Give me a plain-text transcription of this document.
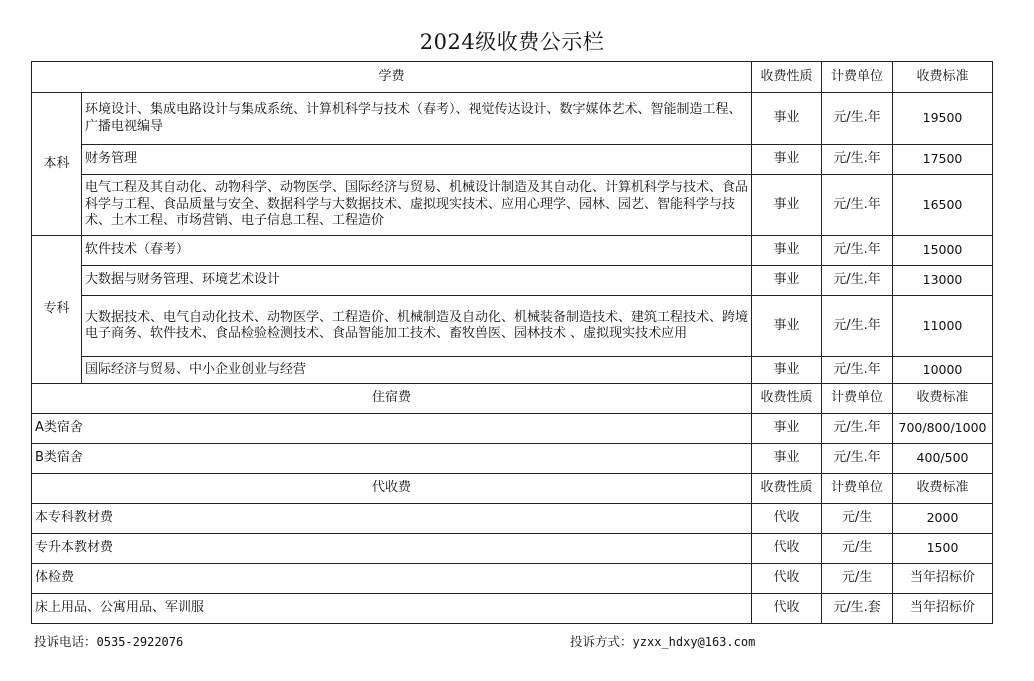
2024级收费公示栏
学费		收费性质	计费单位	收费标准
本科	环境设计、集成电路设计与集成系统、计算机科学与技术（春考）、视觉传达设计、数字媒体艺术、智能制造工程、广播电视编导	事业	元/生.年	19500
	财务管理	事业	元/生.年	17500
	电气工程及其自动化、动物科学、动物医学、国际经济与贸易、机械设计制造及其自动化、计算机科学与技术、食品科学与工程、食品质量与安全、数据科学与大数据技术、虚拟现实技术、应用心理学、园林、园艺、智能科学与技术、土木工程、市场营销、电子信息工程、工程造价	事业	元/生.年	16500
专科	软件技术（春考）	事业	元/生.年	15000
	大数据与财务管理、环境艺术设计	事业	元/生.年	13000
	大数据技术、电气自动化技术、动物医学、工程造价、机械制造及自动化、机械装备制造技术、建筑工程技术、跨境电子商务、软件技术、食品检验检测技术、食品智能加工技术、畜牧兽医、园林技术 、虚拟现实技术应用	事业	元/生.年	11000
	国际经济与贸易、中小企业创业与经营	事业	元/生.年	10000
住宿费		收费性质	计费单位	收费标准
A类宿舍		事业	元/生.年	700/800/1000
B类宿舍		事业	元/生.年	400/500
代收费		收费性质	计费单位	收费标准
本专科教材费		代收	元/生	2000
专升本教材费		代收	元/生	1500
体检费		代收	元/生	当年招标价
床上用品、公寓用品、军训服		代收	元/生.套	当年招标价
投诉电话：0535-2922076	投诉方式：yzxx_hdxy@163.com
